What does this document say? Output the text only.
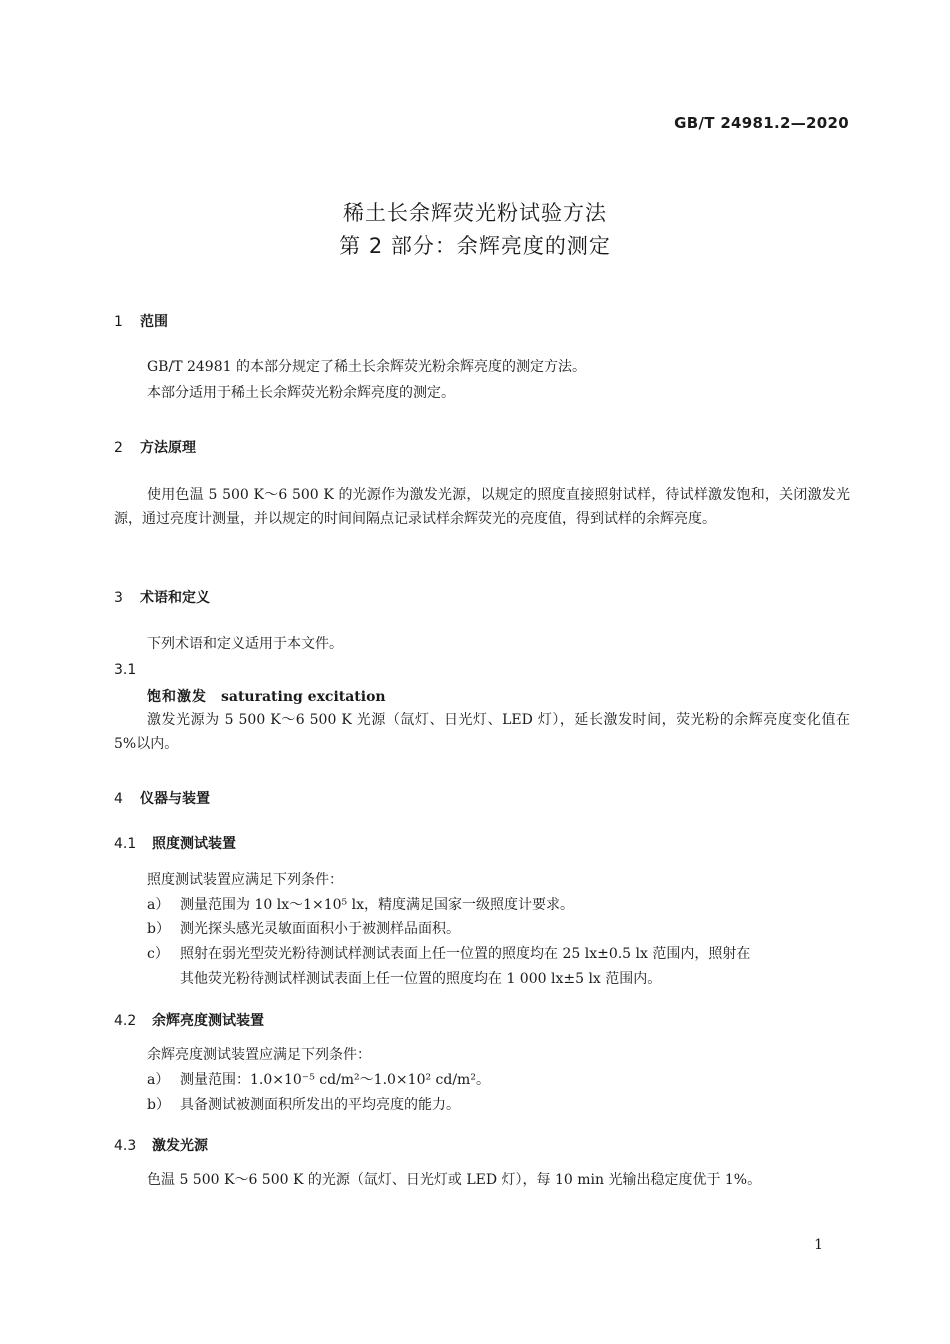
GB/T 24981.2—2020
稀土长余辉荧光粉试验方法
第 2 部分：余辉亮度的测定
1 范围
GB/T 24981 的本部分规定了稀土长余辉荧光粉余辉亮度的测定方法。
本部分适用于稀土长余辉荧光粉余辉亮度的测定。
2 方法原理
使用色温 5 500 K～6 500 K 的光源作为激发光源，以规定的照度直接照射试样，待试样激发饱和，关闭激发光源，通过亮度计测量，并以规定的时间间隔点记录试样余辉荧光的亮度值，得到试样的余辉亮度。
3 术语和定义
下列术语和定义适用于本文件。
3.1
饱和激发 saturating excitation
激发光源为 5 500 K～6 500 K 光源（氙灯、日光灯、LED 灯），延长激发时间，荧光粉的余辉亮度变化值在 5%以内。
4 仪器与装置
4.1 照度测试装置
照度测试装置应满足下列条件：
a） 测量范围为 10 lx～1×10⁵ lx，精度满足国家一级照度计要求。
b） 测光探头感光灵敏面面积小于被测样品面积。
c） 照射在弱光型荧光粉待测试样测试表面上任一位置的照度均在 25 lx±0.5 lx 范围内，照射在
其他荧光粉待测试样测试表面上任一位置的照度均在 1 000 lx±5 lx 范围内。
4.2 余辉亮度测试装置
余辉亮度测试装置应满足下列条件：
a） 测量范围：1.0×10⁻⁵ cd/m²～1.0×10² cd/m²。
b） 具备测试被测面积所发出的平均亮度的能力。
4.3 激发光源
色温 5 500 K～6 500 K 的光源（氙灯、日光灯或 LED 灯），每 10 min 光输出稳定度优于 1%。
1
